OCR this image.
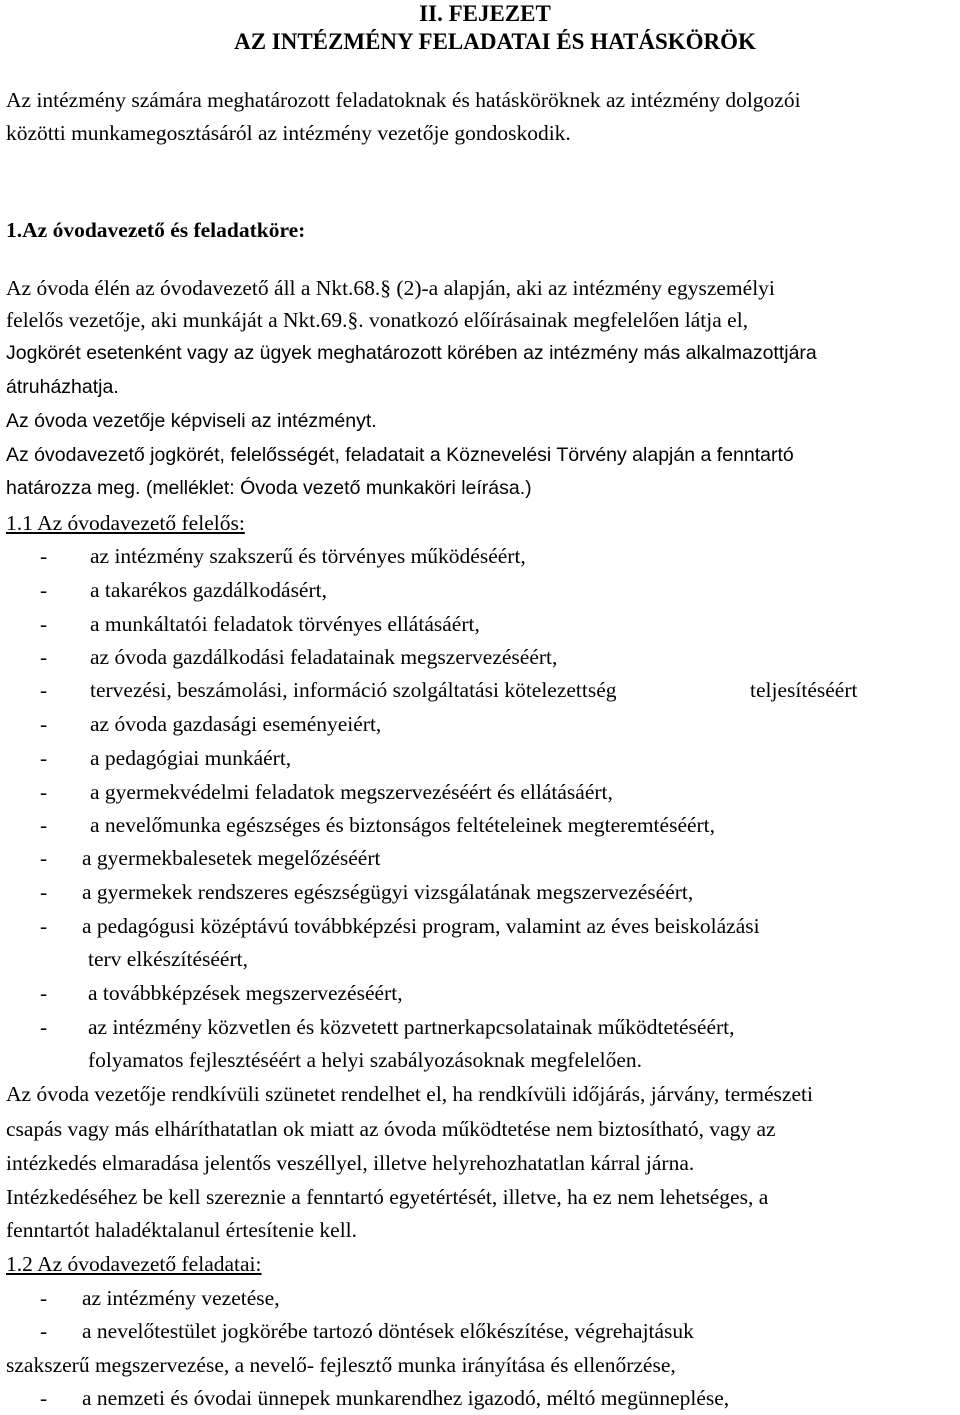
II. FEJEZET
AZ INTÉZMÉNY FELADATAI ÉS HATÁSKÖRÖK
Az intézmény számára meghatározott feladatoknak és hatásköröknek az intézmény dolgozói
közötti munkamegosztásáról az intézmény vezetője gondoskodik.
1.Az óvodavezető és feladatköre:
Az óvoda élén az óvodavezető áll a Nkt.68.§ (2)-a alapján, aki az intézmény egyszemélyi
felelős vezetője, aki munkáját a Nkt.69.§. vonatkozó előírásainak megfelelően látja el,
Jogkörét esetenként vagy az ügyek meghatározott körében az intézmény más alkalmazottjára
átruházhatja.
Az óvoda vezetője képviseli az intézményt.
Az óvodavezető jogkörét, felelősségét, feladatait a Köznevelési Törvény alapján a fenntartó
határozza meg. (melléklet: Óvoda vezető munkaköri leírása.)
1.1 Az óvodavezető felelős:
- az intézmény szakszerű és törvényes működéséért,
- a takarékos gazdálkodásért,
- a munkáltatói feladatok törvényes ellátásáért,
- az óvoda gazdálkodási feladatainak megszervezéséért,
- tervezési, beszámolási, információ szolgáltatási kötelezettség	teljesítéséért
- az óvoda gazdasági eseményeiért,
- a pedagógiai munkáért,
- a gyermekvédelmi feladatok megszervezéséért és ellátásáért,
- a nevelőmunka egészséges és biztonságos feltételeinek megteremtéséért,
- a gyermekbalesetek megelőzéséért
- a gyermekek rendszeres egészségügyi vizsgálatának megszervezéséért,
- a pedagógusi középtávú továbbképzési program, valamint az éves beiskolázási
terv elkészítéséért,
- a továbbképzések megszervezéséért,
- az intézmény közvetlen és közvetett partnerkapcsolatainak működtetéséért,
folyamatos fejlesztéséért a helyi szabályozásoknak megfelelően.
Az óvoda vezetője rendkívüli szünetet rendelhet el, ha rendkívüli időjárás, járvány, természeti
csapás vagy más elháríthatatlan ok miatt az óvoda működtetése nem biztosítható, vagy az
intézkedés elmaradása jelentős veszéllyel, illetve helyrehozhatatlan kárral járna.
Intézkedéséhez be kell szereznie a fenntartó egyetértését, illetve, ha ez nem lehetséges, a
fenntartót haladéktalanul értesítenie kell.
1.2 Az óvodavezető feladatai:
- az intézmény vezetése,
- a nevelőtestület jogkörébe tartozó döntések előkészítése, végrehajtásuk
szakszerű megszervezése, a nevelő- fejlesztő munka irányítása és ellenőrzése,
- a nemzeti és óvodai ünnepek munkarendhez igazodó, méltó megünneplése,
